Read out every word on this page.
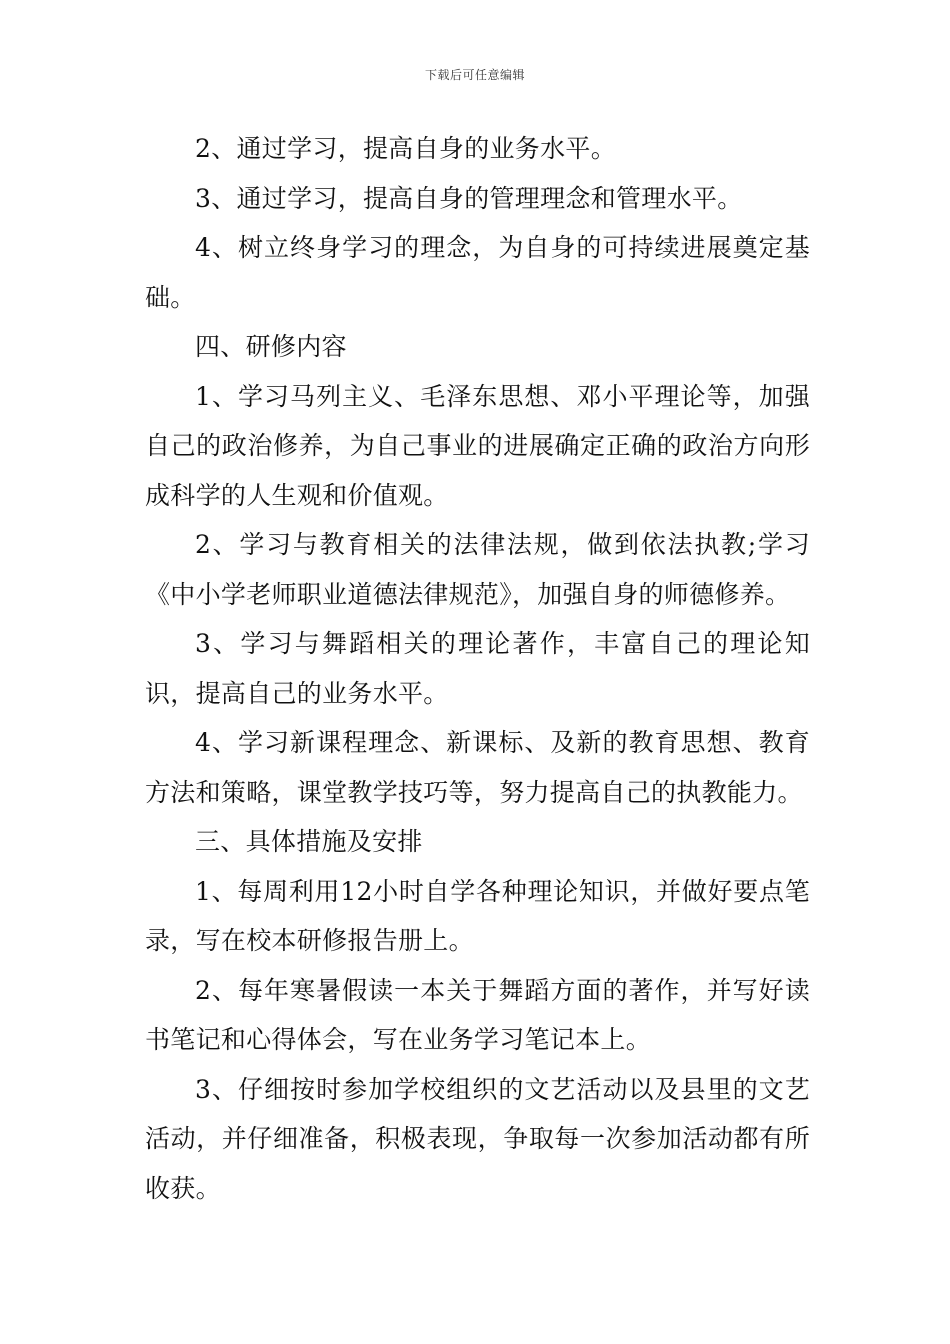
下载后可任意编辑

2、通过学习，提高自身的业务水平。

3、通过学习，提高自身的管理理念和管理水平。

4、树立终身学习的理念，为自身的可持续进展奠定基础。

四、研修内容

1、学习马列主义、毛泽东思想、邓小平理论等，加强自己的政治修养，为自己事业的进展确定正确的政治方向形成科学的人生观和价值观。

2、学习与教育相关的法律法规，做到依法执教;学习《中小学老师职业道德法律规范》，加强自身的师德修养。

3、学习与舞蹈相关的理论著作，丰富自己的理论知识，提高自己的业务水平。

4、学习新课程理念、新课标、及新的教育思想、教育方法和策略，课堂教学技巧等，努力提高自己的执教能力。

三、具体措施及安排

1、每周利用12小时自学各种理论知识，并做好要点笔录，写在校本研修报告册上。

2、每年寒暑假读一本关于舞蹈方面的著作，并写好读书笔记和心得体会，写在业务学习笔记本上。

3、仔细按时参加学校组织的文艺活动以及县里的文艺活动，并仔细准备，积极表现，争取每一次参加活动都有所收获。
